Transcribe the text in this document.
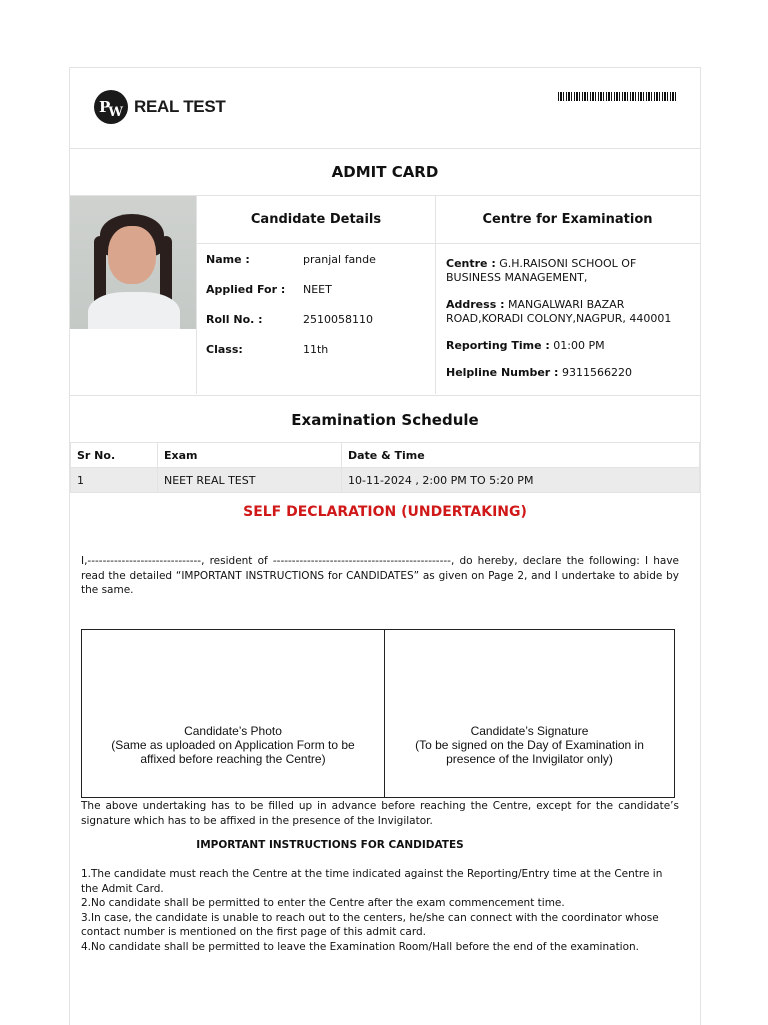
P
W REAL TEST
ADMIT CARD
Candidate Details
Name :	pranjal fande
Applied For : NEET
Roll No. :	2510058110
Class:	11th
Centre for Examination
Centre : G.H.RAISONI SCHOOL OF BUSINESS MANAGEMENT,
Address : MANGALWARI BAZAR ROAD,KORADI COLONY,NAGPUR, 440001
Reporting Time : 01:00 PM
Helpline Number : 9311566220
Examination Schedule
Sr No.	Exam	Date & Time
1	NEET REAL TEST	10-11-2024 , 2:00 PM TO 5:20 PM
SELF DECLARATION (UNDERTAKING)
I,------------------------------, resident of -----------------------------------------------, do hereby, declare the following: I have read the detailed “IMPORTANT INSTRUCTIONS for CANDIDATES” as given on Page 2, and I undertake to abide by the same.
Candidate’s Photo
(Same as uploaded on Application Form to be
affixed before reaching the Centre)
Candidate’s Signature
(To be signed on the Day of Examination in
presence of the Invigilator only)
The above undertaking has to be filled up in advance before reaching the Centre, except for the candidate’s signature which has to be affixed in the presence of the Invigilator.
IMPORTANT INSTRUCTIONS FOR CANDIDATES
1.The candidate must reach the Centre at the time indicated against the Reporting/Entry time at the Centre in the Admit Card.
2.No candidate shall be permitted to enter the Centre after the exam commencement time.
3.In case, the candidate is unable to reach out to the centers, he/she can connect with the coordinator whose contact number is mentioned on the first page of this admit card.
4.No candidate shall be permitted to leave the Examination Room/Hall before the end of the examination.
